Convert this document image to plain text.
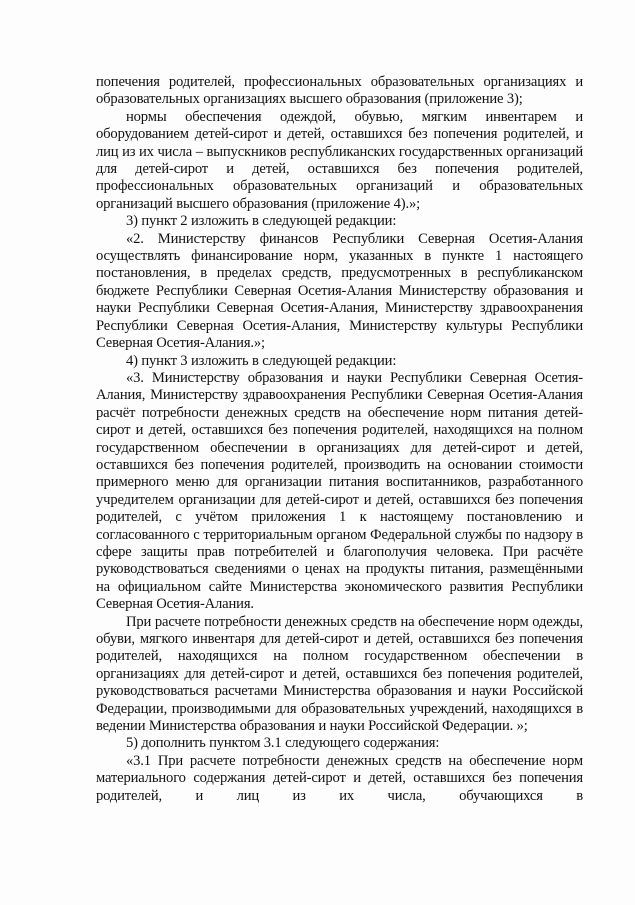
попечения родителей, профессиональных образовательных организациях и образовательных организациях высшего образования (приложение 3);

нормы обеспечения одеждой, обувью, мягким инвентарем и оборудованием детей-сирот и детей, оставшихся без попечения родителей, и лиц из их числа – выпускников республиканских государственных организаций для детей-сирот и детей, оставшихся без попечения родителей, профессиональных образовательных организаций и образовательных организаций высшего образования (приложение 4).»;

3) пункт 2 изложить в следующей редакции:

«2. Министерству финансов Республики Северная Осетия-Алания осуществлять финансирование норм, указанных в пункте 1 настоящего постановления, в пределах средств, предусмотренных в республиканском бюджете Республики Северная Осетия-Алания Министерству образования и науки Республики Северная Осетия-Алания, Министерству здравоохранения Республики Северная Осетия-Алания, Министерству культуры Республики Северная Осетия-Алания.»;

4) пункт 3 изложить в следующей редакции:

«3. Министерству образования и науки Республики Северная Осетия-Алания, Министерству здравоохранения Республики Северная Осетия-Алания расчёт потребности денежных средств на обеспечение норм питания детей-сирот и детей, оставшихся без попечения родителей, находящихся на полном государственном обеспечении в организациях для детей-сирот и детей, оставшихся без попечения родителей, производить на основании стоимости примерного меню для организации питания воспитанников, разработанного учредителем организации для детей-сирот и детей, оставшихся без попечения родителей, с учётом приложения 1 к настоящему постановлению и согласованного с территориальным органом Федеральной службы по надзору в сфере защиты прав потребителей и благополучия человека. При расчёте руководствоваться сведениями о ценах на продукты питания, размещёнными на официальном сайте Министерства экономического развития Республики Северная Осетия-Алания.

При расчете потребности денежных средств на обеспечение норм одежды, обуви, мягкого инвентаря для детей-сирот и детей, оставшихся без попечения родителей, находящихся на полном государственном обеспечении в организациях для детей-сирот и детей, оставшихся без попечения родителей, руководствоваться расчетами Министерства образования и науки Российской Федерации, производимыми для образовательных учреждений, находящихся в ведении Министерства образования и науки Российской Федерации. »;

5) дополнить пунктом 3.1 следующего содержания:

«3.1 При расчете потребности денежных средств на обеспечение норм материального содержания детей-сирот и детей, оставшихся без попечения родителей, и лиц из их числа, обучающихся в
